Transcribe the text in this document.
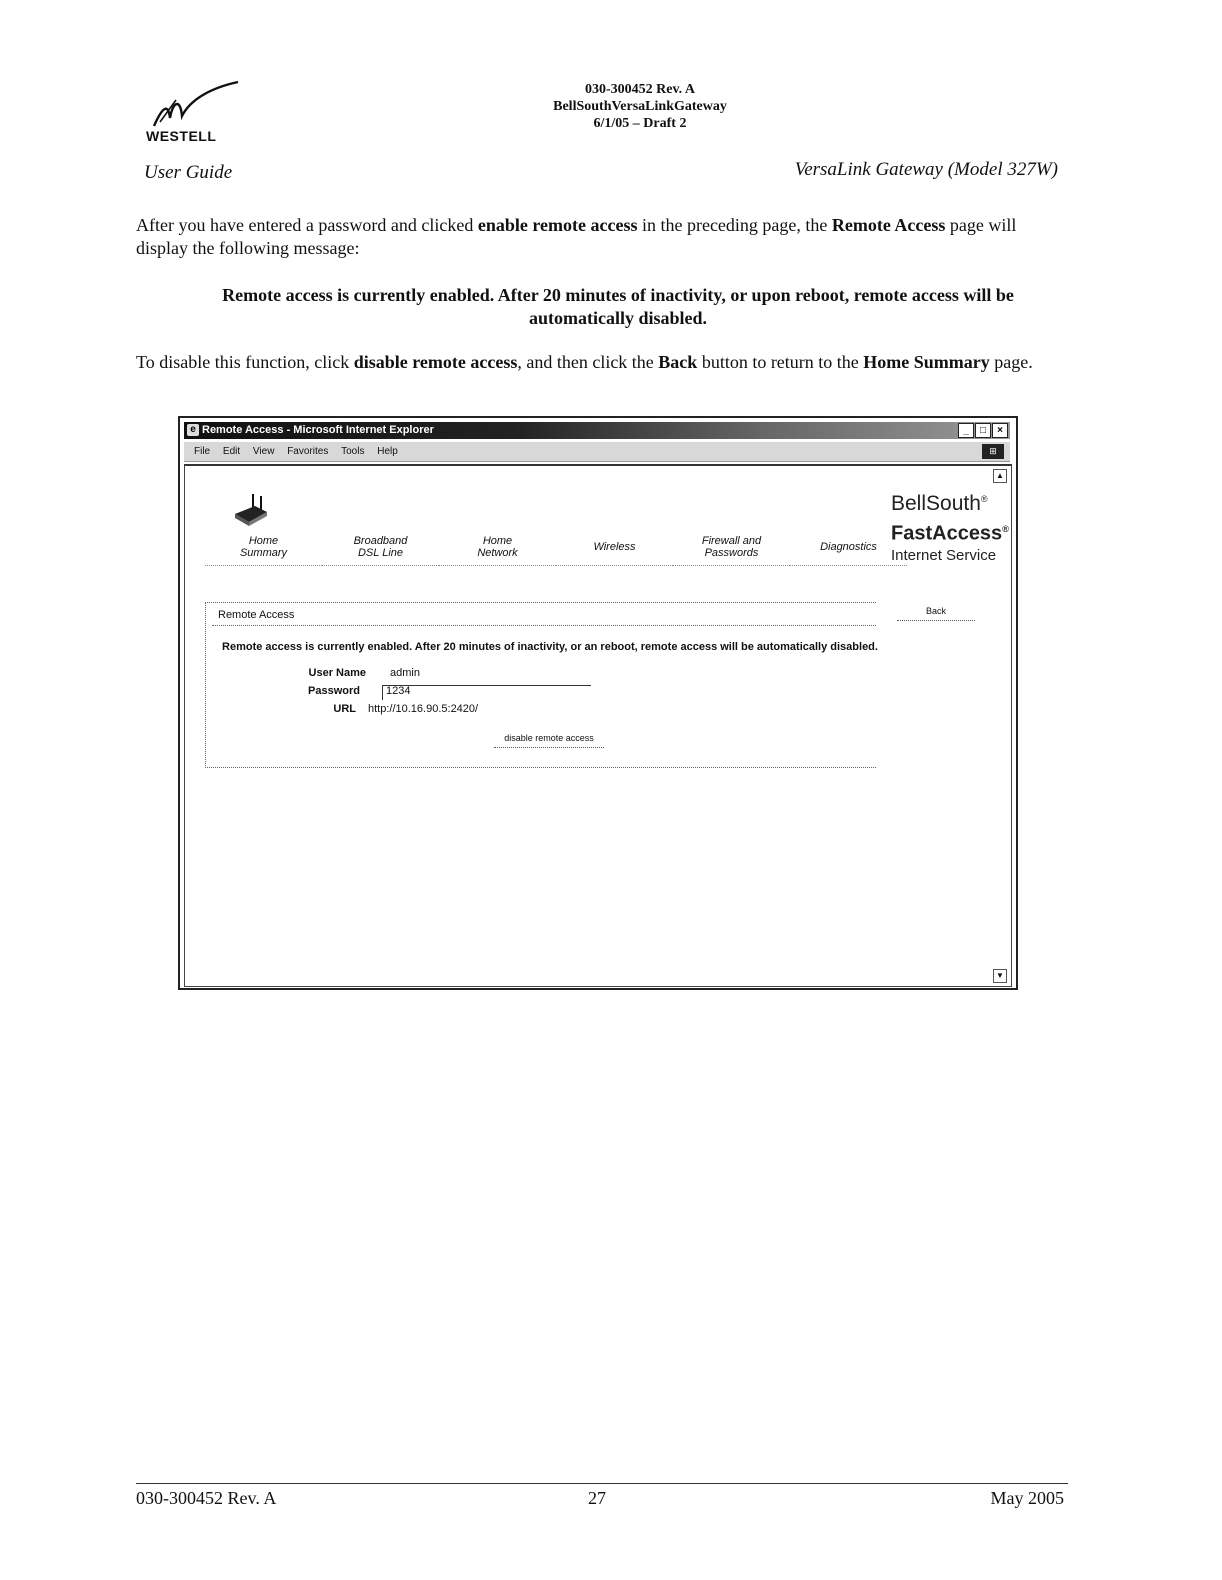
WESTELL
030-300452 Rev. A
BellSouthVersaLinkGateway
6/1/05 – Draft 2
User Guide	VersaLink Gateway (Model 327W)
After you have entered a password and clicked enable remote access in the preceding page, the Remote Access page will display the following message:
Remote access is currently enabled. After 20 minutes of inactivity, or upon reboot, remote access will be automatically disabled.
To disable this function, click disable remote access, and then click the Back button to return to the Home Summary page.
e Remote Access - Microsoft Internet Explorer	_	□	×
File Edit View Favorites Tools Help	⊞
▲
▼
Home
Summary
Broadband
DSL Line
Home
Network	Wireless	Firewall and
Passwords	Diagnostics
BellSouth®
FastAccess®
Internet Service
Remote Access
Remote access is currently enabled. After 20 minutes of inactivity, or an reboot, remote access will be automatically disabled.
User Name admin
Password 1234
URL http://10.16.90.5:2420/
disable remote access
Back
030-300452 Rev. A	27	May 2005
